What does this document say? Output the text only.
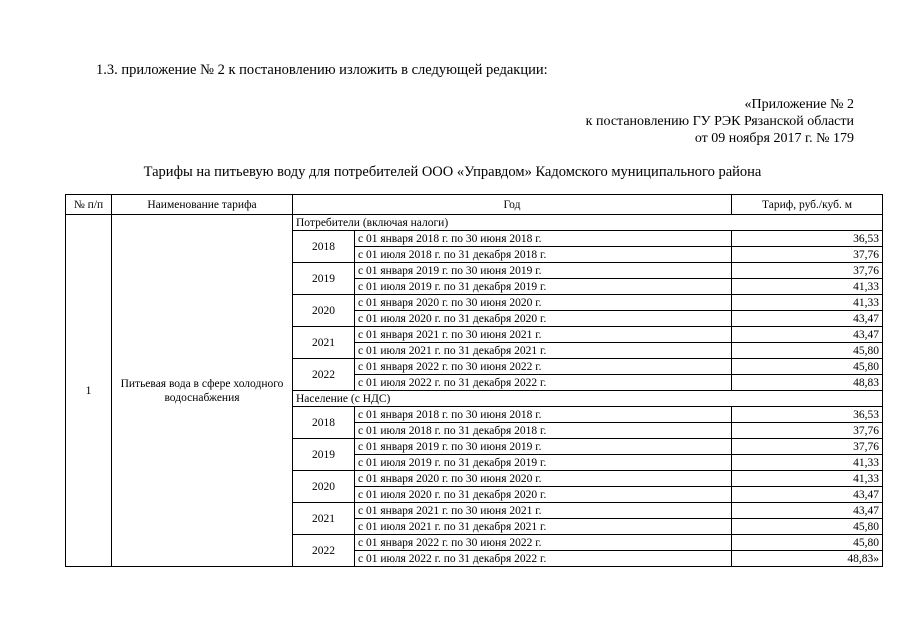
1.3. приложение № 2 к постановлению изложить в следующей редакции:
«Приложение № 2
к постановлению ГУ РЭК Рязанской области
от 09 ноября 2017 г. № 179
Тарифы на питьевую воду для потребителей ООО «Управдом» Кадомского муниципального района
№ п/п	Наименование тарифа	Год		Тариф, руб./куб. м
1	Питьевая вода в сфере холодного водоснабжения	Потребители (включая налоги)		
		2018	с 01 января 2018 г. по 30 июня 2018 г.	36,53
			с 01 июля 2018 г. по 31 декабря 2018 г.	37,76
		2019	с 01 января 2019 г. по 30 июня 2019 г.	37,76
			с 01 июля 2019 г. по 31 декабря 2019 г.	41,33
		2020	с 01 января 2020 г. по 30 июня 2020 г.	41,33
			с 01 июля 2020 г. по 31 декабря 2020 г.	43,47
		2021	с 01 января 2021 г. по 30 июня 2021 г.	43,47
			с 01 июля 2021 г. по 31 декабря 2021 г.	45,80
		2022	с 01 января 2022 г. по 30 июня 2022 г.	45,80
			с 01 июля 2022 г. по 31 декабря 2022 г.	48,83
		Население (с НДС)		
		2018	с 01 января 2018 г. по 30 июня 2018 г.	36,53
			с 01 июля 2018 г. по 31 декабря 2018 г.	37,76
		2019	с 01 января 2019 г. по 30 июня 2019 г.	37,76
			с 01 июля 2019 г. по 31 декабря 2019 г.	41,33
		2020	с 01 января 2020 г. по 30 июня 2020 г.	41,33
			с 01 июля 2020 г. по 31 декабря 2020 г.	43,47
		2021	с 01 января 2021 г. по 30 июня 2021 г.	43,47
			с 01 июля 2021 г. по 31 декабря 2021 г.	45,80
		2022	с 01 января 2022 г. по 30 июня 2022 г.	45,80
			с 01 июля 2022 г. по 31 декабря 2022 г.	48,83»
